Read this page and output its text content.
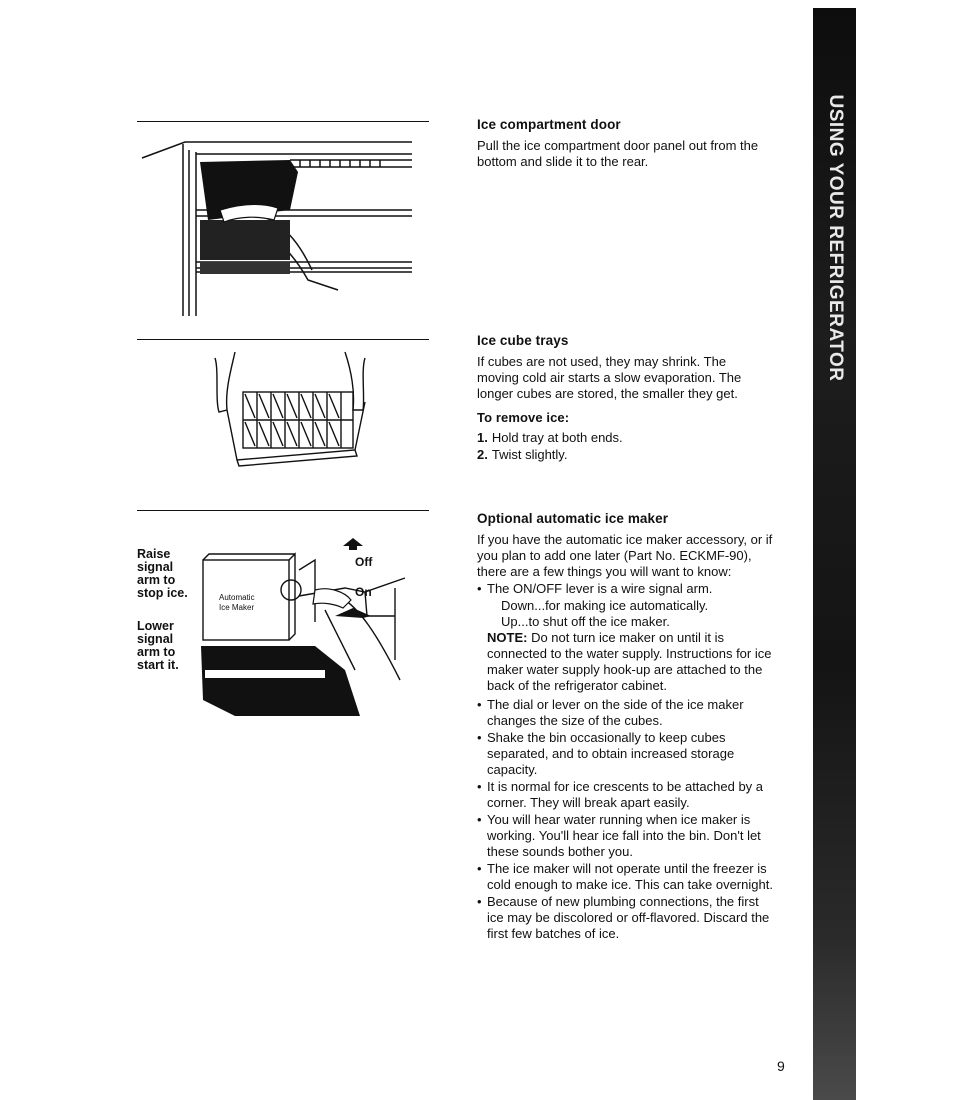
Raise signal arm to stop ice.
Lower signal arm to start it.
Automatic
Ice Maker
Off
On
Ice compartment door

Pull the ice compartment door panel out from the bottom and slide it to the rear.

Ice cube trays

If cubes are not used, they may shrink. The moving cold air starts a slow evaporation. The longer cubes are stored, the smaller they get.

To remove ice:
1. Hold tray at both ends.
2. Twist slightly.
Optional automatic ice maker

If you have the automatic ice maker accessory, or if you plan to add one later (Part No. ECKMF-90), there are a few things you will want to know:

• The ON/OFF lever is a wire signal arm.
Down...for making ice automatically.
Up...to shut off the ice maker.
NOTE: Do not turn ice maker on until it is connected to the water supply. Instructions for ice maker water supply hook-up are attached to the back of the refrigerator cabinet.
• The dial or lever on the side of the ice maker changes the size of the cubes.
• Shake the bin occasionally to keep cubes separated, and to obtain increased storage capacity.
• It is normal for ice crescents to be attached by a corner. They will break apart easily.
• You will hear water running when ice maker is working. You'll hear ice fall into the bin. Don't let these sounds bother you.
• The ice maker will not operate until the freezer is cold enough to make ice. This can take overnight.
• Because of new plumbing connections, the first ice may be discolored or off-flavored. Discard the first few batches of ice.
9
USING YOUR REFRIGERATOR
